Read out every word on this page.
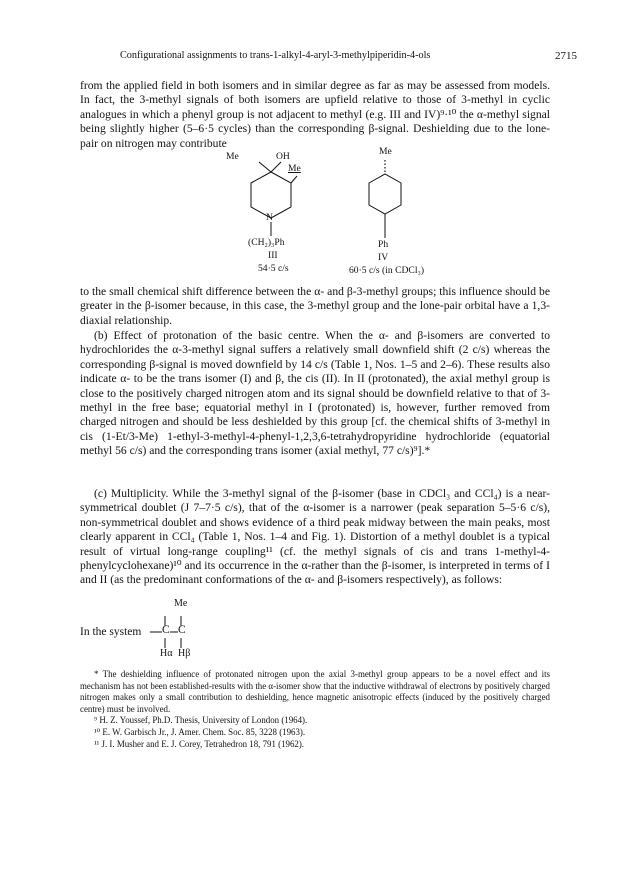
Configurational assignments to trans-1-alkyl-4-aryl-3-methylpiperidin-4-ols	2715

from the applied field in both isomers and in similar degree as far as may be assessed from models. In fact, the 3-methyl signals of both isomers are upfield relative to those of 3-methyl in cyclic analogues in which a phenyl group is not adjacent to methyl (e.g. III and IV)⁹·¹⁰ the α-methyl signal being slightly higher (5–6·5 cycles) than the corresponding β-signal. Deshielding due to the lone-pair on nitrogen may contribute

Me	OH
Me
N
(CH₂)₃Ph
III
54·5 c/s
Me
Ph
IV
60·5 c/s (in CDCl₃)

to the small chemical shift difference between the α- and β-3-methyl groups; this influence should be greater in the β-isomer because, in this case, the 3-methyl group and the lone-pair orbital have a 1,3-diaxial relationship.

(b) Effect of protonation of the basic centre. When the α- and β-isomers are converted to hydrochlorides the α-3-methyl signal suffers a relatively small downfield shift (2 c/s) whereas the corresponding β-signal is moved downfield by 14 c/s (Table 1, Nos. 1–5 and 2–6). These results also indicate α- to be the trans isomer (I) and β, the cis (II). In II (protonated), the axial methyl group is close to the positively charged nitrogen atom and its signal should be downfield relative to that of 3-methyl in the free base; equatorial methyl in I (protonated) is, however, further removed from charged nitrogen and should be less deshielded by this group [cf. the chemical shifts of 3-methyl in cis (1-Et/3-Me) 1-ethyl-3-methyl-4-phenyl-1,2,3,6-tetrahydropyridine hydrochloride (equatorial methyl 56 c/s) and the corresponding trans isomer (axial methyl, 77 c/s)⁹].*

(c) Multiplicity. While the 3-methyl signal of the β-isomer (base in CDCl₃ and CCl₄) is a near-symmetrical doublet (J 7–7·5 c/s), that of the α-isomer is a narrower (peak separation 5–5·6 c/s), non-symmetrical doublet and shows evidence of a third peak midway between the main peaks, most clearly apparent in CCl₄ (Table 1, Nos. 1–4 and Fig. 1). Distortion of a methyl doublet is a typical result of virtual long-range coupling¹¹ (cf. the methyl signals of cis and trans 1-methyl-4-phenylcyclohexane)¹⁰ and its occurrence in the α-rather than the β-isomer, is interpreted in terms of I and II (as the predominant conformations of the α- and β-isomers respectively), as follows:

In the system
Me
C C
Hα Hβ

* The deshielding influence of protonated nitrogen upon the axial 3-methyl group appears to be a novel effect and its mechanism has not been established-results with the α-isomer show that the inductive withdrawal of electrons by positively charged nitrogen makes only a small contribution to deshielding, hence magnetic anisotropic effects (induced by the positively charged centre) must be involved.

⁹ H. Z. Youssef, Ph.D. Thesis, University of London (1964).

¹⁰ E. W. Garbisch Jr., J. Amer. Chem. Soc. 85, 3228 (1963).

¹¹ J. I. Musher and E. J. Corey, Tetrahedron 18, 791 (1962).
